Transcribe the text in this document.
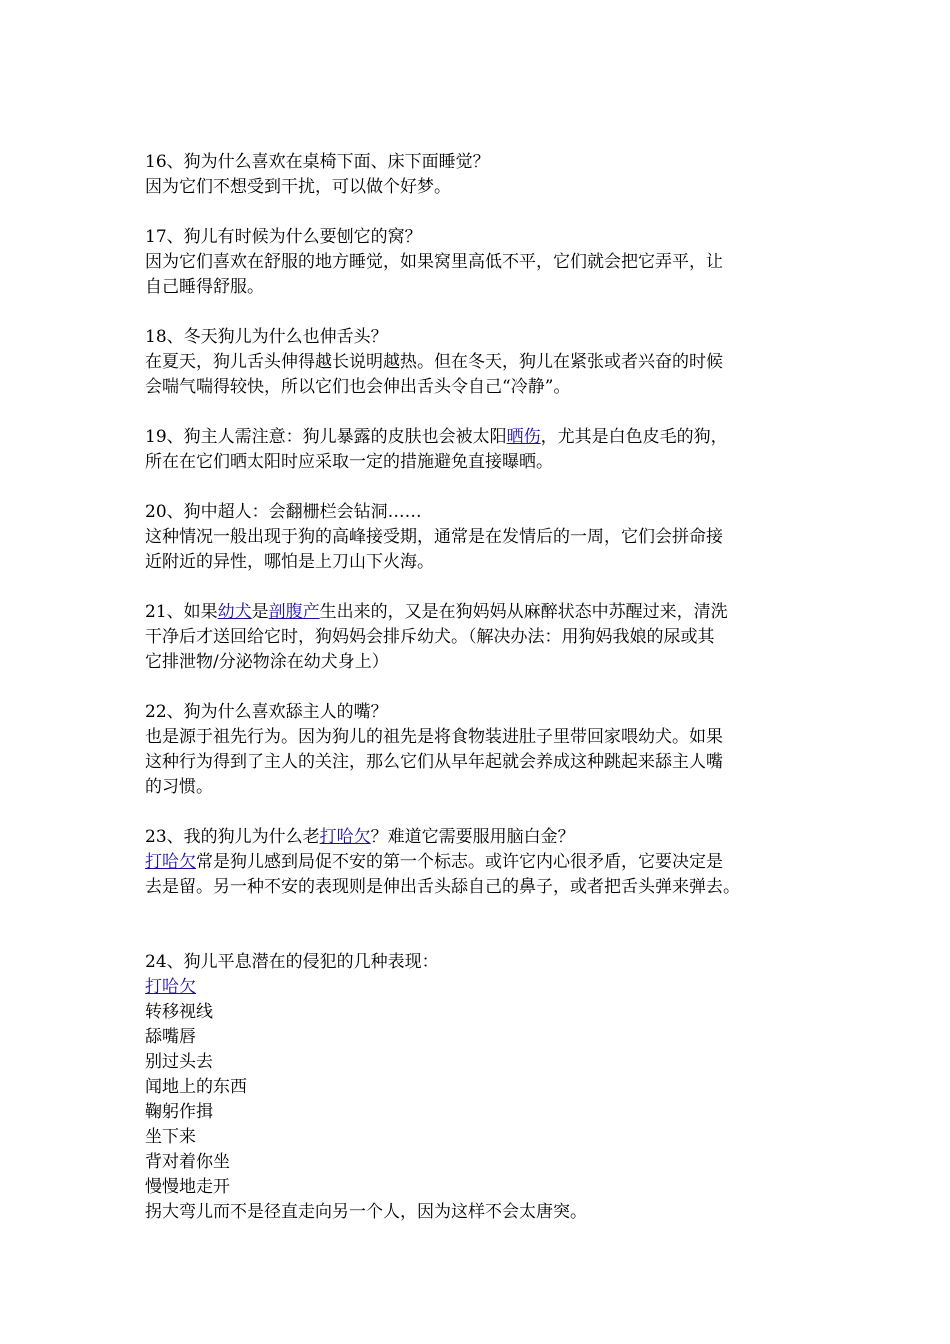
16、狗为什么喜欢在桌椅下面、床下面睡觉？
因为它们不想受到干扰，可以做个好梦。
17、狗儿有时候为什么要刨它的窝？
因为它们喜欢在舒服的地方睡觉，如果窝里高低不平，它们就会把它弄平，让
自己睡得舒服。
18、冬天狗儿为什么也伸舌头？
在夏天，狗儿舌头伸得越长说明越热。但在冬天，狗儿在紧张或者兴奋的时候
会喘气喘得较快，所以它们也会伸出舌头令自己“冷静”。
19、狗主人需注意：狗儿暴露的皮肤也会被太阳晒伤，尤其是白色皮毛的狗，
所在在它们晒太阳时应采取一定的措施避免直接曝晒。
20、狗中超人：会翻栅栏会钻洞……
这种情况一般出现于狗的高峰接受期，通常是在发情后的一周，它们会拼命接
近附近的异性，哪怕是上刀山下火海。
21、如果幼犬是剖腹产生出来的，又是在狗妈妈从麻醉状态中苏醒过来，清洗
干净后才送回给它时，狗妈妈会排斥幼犬。（解决办法：用狗妈我娘的尿或其
它排泄物/分泌物涂在幼犬身上）
22、狗为什么喜欢舔主人的嘴？
也是源于祖先行为。因为狗儿的祖先是将食物装进肚子里带回家喂幼犬。如果
这种行为得到了主人的关注，那么它们从早年起就会养成这种跳起来舔主人嘴
的习惯。
23、我的狗儿为什么老打哈欠？难道它需要服用脑白金？
打哈欠常是狗儿感到局促不安的第一个标志。或许它内心很矛盾，它要决定是
去是留。另一种不安的表现则是伸出舌头舔自己的鼻子，或者把舌头弹来弹去。
24、狗儿平息潜在的侵犯的几种表现：
打哈欠
转移视线
舔嘴唇
别过头去
闻地上的东西
鞠躬作揖
坐下来
背对着你坐
慢慢地走开
拐大弯儿而不是径直走向另一个人，因为这样不会太唐突。
